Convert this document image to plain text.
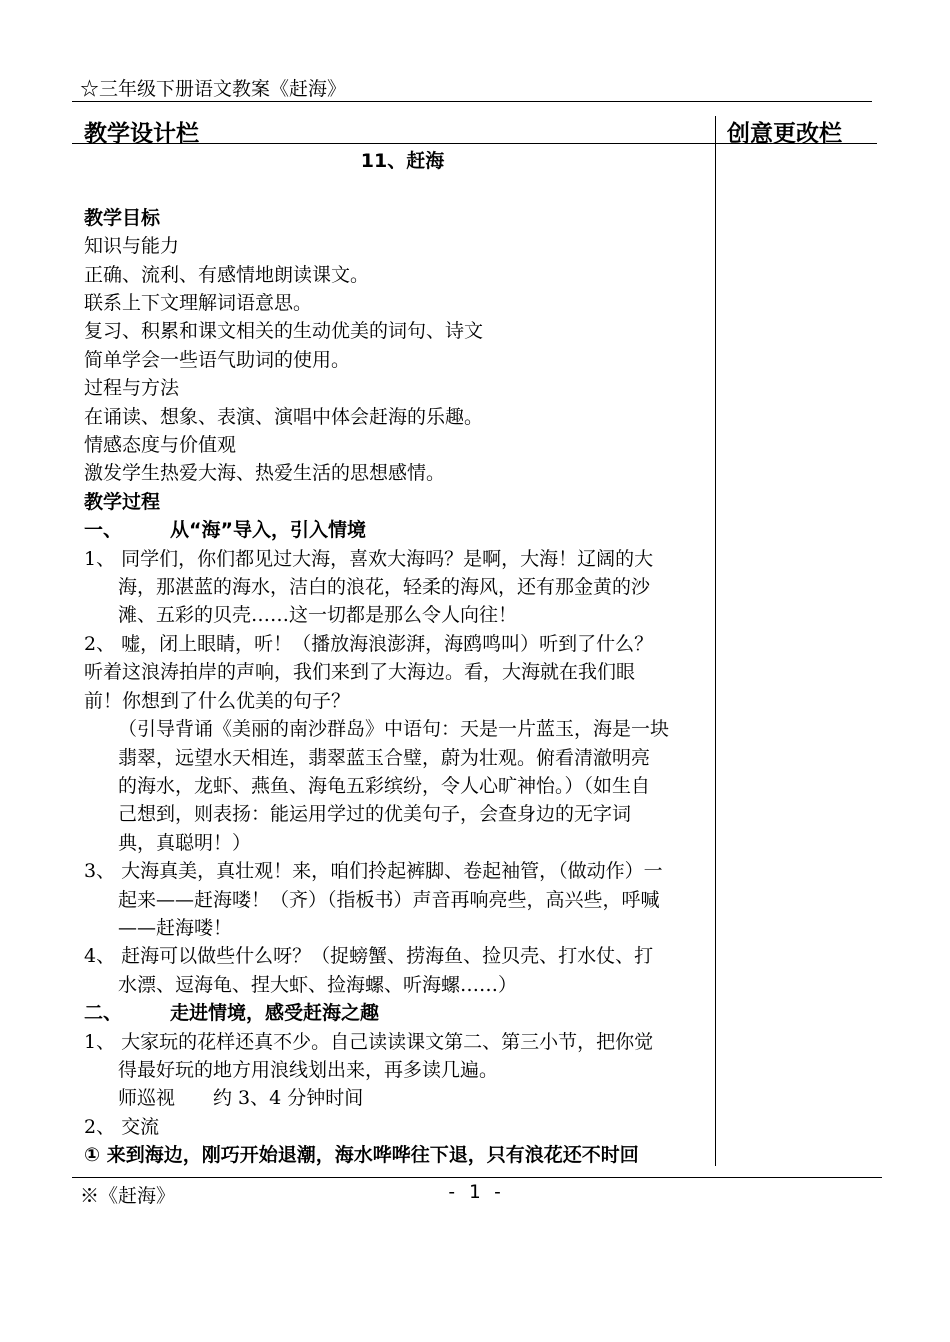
☆三年级下册语文教案《赶海》
教学设计栏	创意更改栏

11、赶海

教学目标

知识与能力

正确、流利、有感情地朗读课文。

联系上下文理解词语意思。

复习、积累和课文相关的生动优美的词句、诗文

简单学会一些语气助词的使用。

过程与方法

在诵读、想象、表演、演唱中体会赶海的乐趣。

情感态度与价值观

激发学生热爱大海、热爱生活的思想感情。

教学过程

一、	从“海”导入，引入情境

1、 同学们，你们都见过大海，喜欢大海吗？是啊，大海！辽阔的大

海，那湛蓝的海水，洁白的浪花，轻柔的海风，还有那金黄的沙

滩、五彩的贝壳……这一切都是那么令人向往！

2、 嘘，闭上眼睛，听！（播放海浪澎湃，海鸥鸣叫）听到了什么？

听着这浪涛拍岸的声响，我们来到了大海边。看，大海就在我们眼

前！你想到了什么优美的句子？

（引导背诵《美丽的南沙群岛》中语句：天是一片蓝玉，海是一块

翡翠，远望水天相连，翡翠蓝玉合璧，蔚为壮观。俯看清澈明亮

的海水，龙虾、燕鱼、海龟五彩缤纷，令人心旷神怡。）（如生自

己想到，则表扬：能运用学过的优美句子，会查身边的无字词

典，真聪明！）

3、 大海真美，真壮观！来，咱们拎起裤脚、卷起袖管，（做动作）一

起来——赶海喽！（齐）（指板书）声音再响亮些，高兴些，呼喊

——赶海喽！

4、 赶海可以做些什么呀？（捉螃蟹、捞海鱼、捡贝壳、打水仗、打

水漂、逗海龟、捏大虾、捡海螺、听海螺……）

二、	走进情境，感受赶海之趣

1、 大家玩的花样还真不少。自己读读课文第二、第三小节，把你觉

得最好玩的地方用浪线划出来，再多读几遍。

师巡视　　约 3、4 分钟时间

2、 交流

① 来到海边，刚巧开始退潮，海水哗哗往下退，只有浪花还不时回

※《赶海》	- 1 -
